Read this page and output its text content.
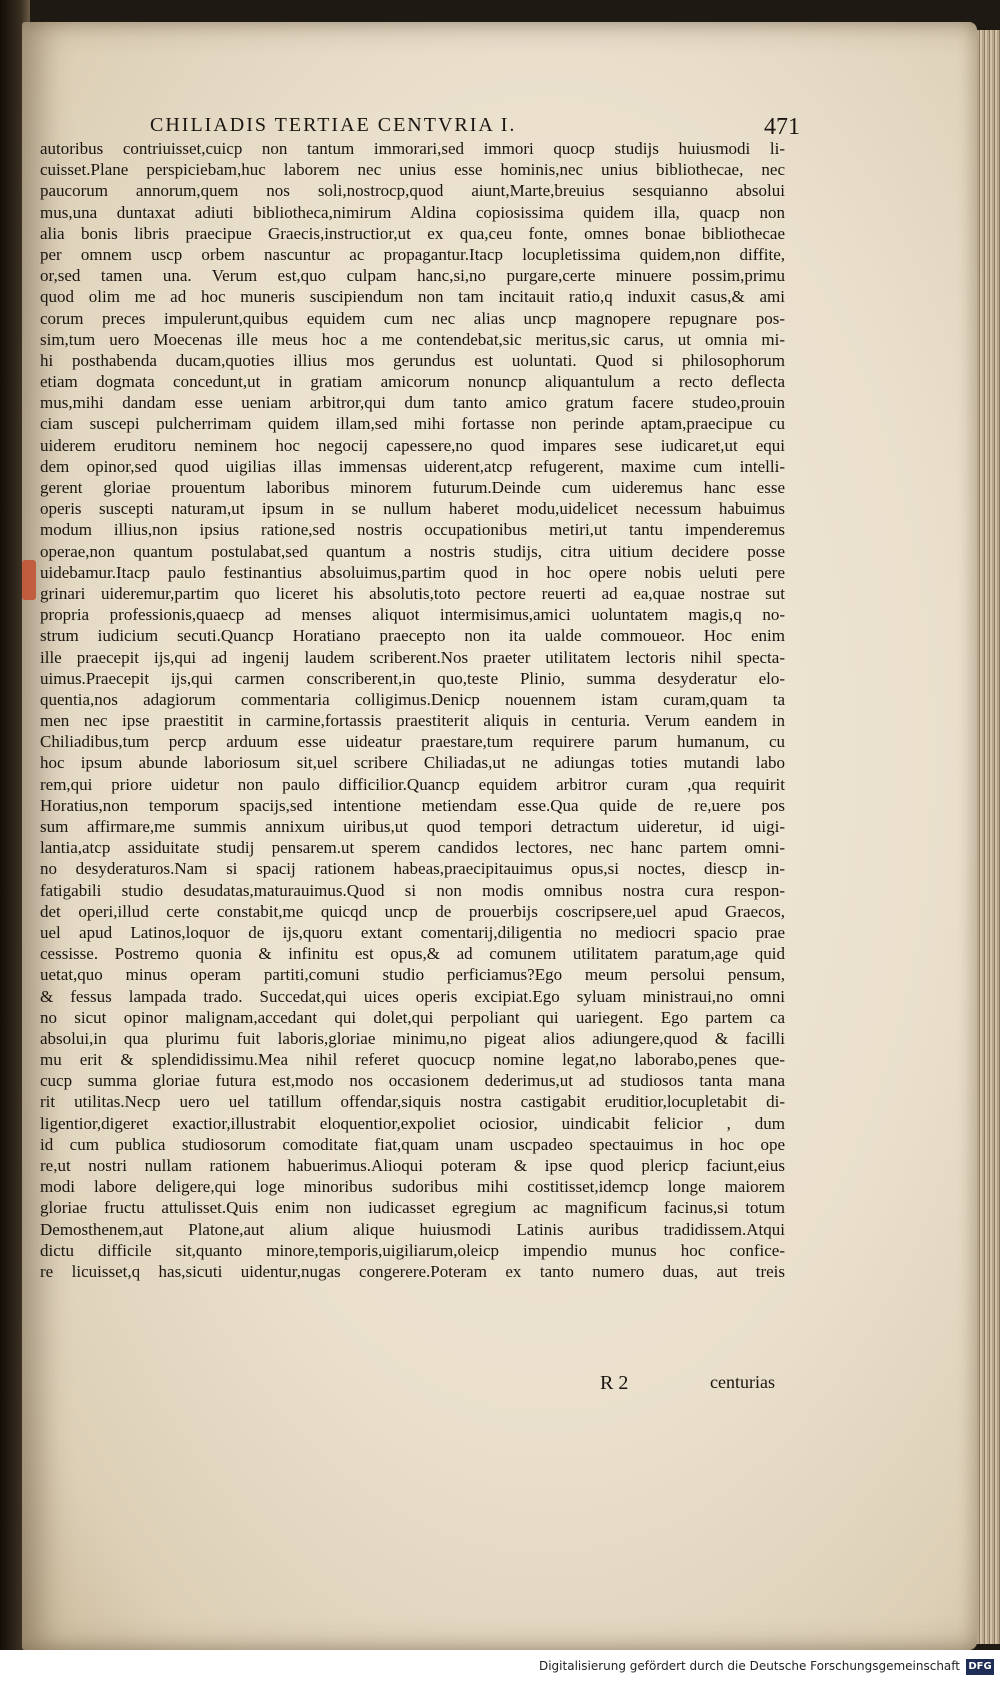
CHILIADIS TERTIAE CENTVRIA I.	471
autoribus contriuisset,cuicp non tantum immorari,sed immori quocp studijs huiusmodi li-
cuisset.Plane perspiciebam,huc laborem nec unius esse hominis,nec unius bibliothecae, nec
paucorum annorum,quem nos soli,nostrocp,quod aiunt,Marte,breuius sesquianno absolui
mus,una duntaxat adiuti bibliotheca,nimirum Aldina copiosissima quidem illa, quacp non
alia bonis libris praecipue Graecis,instructior,ut ex qua,ceu fonte, omnes bonae bibliothecae
per omnem uscp orbem nascuntur ac propagantur.Itacp locupletissima quidem,non diffite,
or,sed tamen una. Verum est,quo culpam hanc,si,no purgare,certe minuere possim,primu
quod olim me ad hoc muneris suscipiendum non tam incitauit ratio,q induxit casus,& ami
corum preces impulerunt,quibus equidem cum nec alias uncp magnopere repugnare pos-
sim,tum uero Moecenas ille meus hoc a me contendebat,sic meritus,sic carus, ut omnia mi-
hi posthabenda ducam,quoties illius mos gerundus est uoluntati. Quod si philosophorum
etiam dogmata concedunt,ut in gratiam amicorum nonuncp aliquantulum a recto deflecta
mus,mihi dandam esse ueniam arbitror,qui dum tanto amico gratum facere studeo,prouin
ciam suscepi pulcherrimam quidem illam,sed mihi fortasse non perinde aptam,praecipue cu
uiderem eruditoru neminem hoc negocij capessere,no quod impares sese iudicaret,ut equi
dem opinor,sed quod uigilias illas immensas uiderent,atcp refugerent, maxime cum intelli-
gerent gloriae prouentum laboribus minorem futurum.Deinde cum uideremus hanc esse
operis suscepti naturam,ut ipsum in se nullum haberet modu,uidelicet necessum habuimus
modum illius,non ipsius ratione,sed nostris occupationibus metiri,ut tantu impenderemus
operae,non quantum postulabat,sed quantum a nostris studijs, citra uitium decidere posse
uidebamur.Itacp paulo festinantius absoluimus,partim quod in hoc opere nobis ueluti pere
grinari uideremur,partim quo liceret his absolutis,toto pectore reuerti ad ea,quae nostrae sut
propria professionis,quaecp ad menses aliquot intermisimus,amici uoluntatem magis,q no-
strum iudicium secuti.Quancp Horatiano praecepto non ita ualde commoueor. Hoc enim
ille praecepit ijs,qui ad ingenij laudem scriberent.Nos praeter utilitatem lectoris nihil specta-
uimus.Praecepit ijs,qui carmen conscriberent,in quo,teste Plinio, summa desyderatur elo-
quentia,nos adagiorum commentaria colligimus.Denicp nouennem istam curam,quam ta
men nec ipse praestitit in carmine,fortassis praestiterit aliquis in centuria. Verum eandem in
Chiliadibus,tum percp arduum esse uideatur praestare,tum requirere parum humanum, cu
hoc ipsum abunde laboriosum sit,uel scribere Chiliadas,ut ne adiungas toties mutandi labo
rem,qui priore uidetur non paulo difficilior.Quancp equidem arbitror curam ,qua requirit
Horatius,non temporum spacijs,sed intentione metiendam esse.Qua quide de re,uere pos
sum affirmare,me summis annixum uiribus,ut quod tempori detractum uideretur, id uigi-
lantia,atcp assiduitate studij pensarem.ut sperem candidos lectores, nec hanc partem omni-
no desyderaturos.Nam si spacij rationem habeas,praecipitauimus opus,si noctes, diescp in-
fatigabili studio desudatas,maturauimus.Quod si non modis omnibus nostra cura respon-
det operi,illud certe constabit,me quicqd uncp de prouerbijs coscripsere,uel apud Graecos,
uel apud Latinos,loquor de ijs,quoru extant comentarij,diligentia no mediocri spacio prae
cessisse. Postremo quonia & infinitu est opus,& ad comunem utilitatem paratum,age quid
uetat,quo minus operam partiti,comuni studio perficiamus?Ego meum persolui pensum,
& fessus lampada trado. Succedat,qui uices operis excipiat.Ego syluam ministraui,no omni
no sicut opinor malignam,accedant qui dolet,qui perpoliant qui uariegent. Ego partem ca
absolui,in qua plurimu fuit laboris,gloriae minimu,no pigeat alios adiungere,quod & facilli
mu erit & splendidissimu.Mea nihil referet quocucp nomine legat,no laborabo,penes que-
cucp summa gloriae futura est,modo nos occasionem dederimus,ut ad studiosos tanta mana
rit utilitas.Necp uero uel tatillum offendar,siquis nostra castigabit eruditior,locupletabit di-
ligentior,digeret exactior,illustrabit eloquentior,expoliet ociosior, uindicabit felicior , dum
id cum publica studiosorum comoditate fiat,quam unam uscpadeo spectauimus in hoc ope
re,ut nostri nullam rationem habuerimus.Alioqui poteram & ipse quod plericp faciunt,eius
modi labore deligere,qui loge minoribus sudoribus mihi costitisset,idemcp longe maiorem
gloriae fructu attulisset.Quis enim non iudicasset egregium ac magnificum facinus,si totum
Demosthenem,aut Platone,aut alium alique huiusmodi Latinis auribus tradidissem.Atqui
dictu difficile sit,quanto minore,temporis,uigiliarum,oleicp impendio munus hoc confice-
re licuisset,q has,sicuti uidentur,nugas congerere.Poteram ex tanto numero duas, aut treis
R 2	centurias
Digitalisierung gefördert durch die Deutsche Forschungsgemeinschaft DFG
